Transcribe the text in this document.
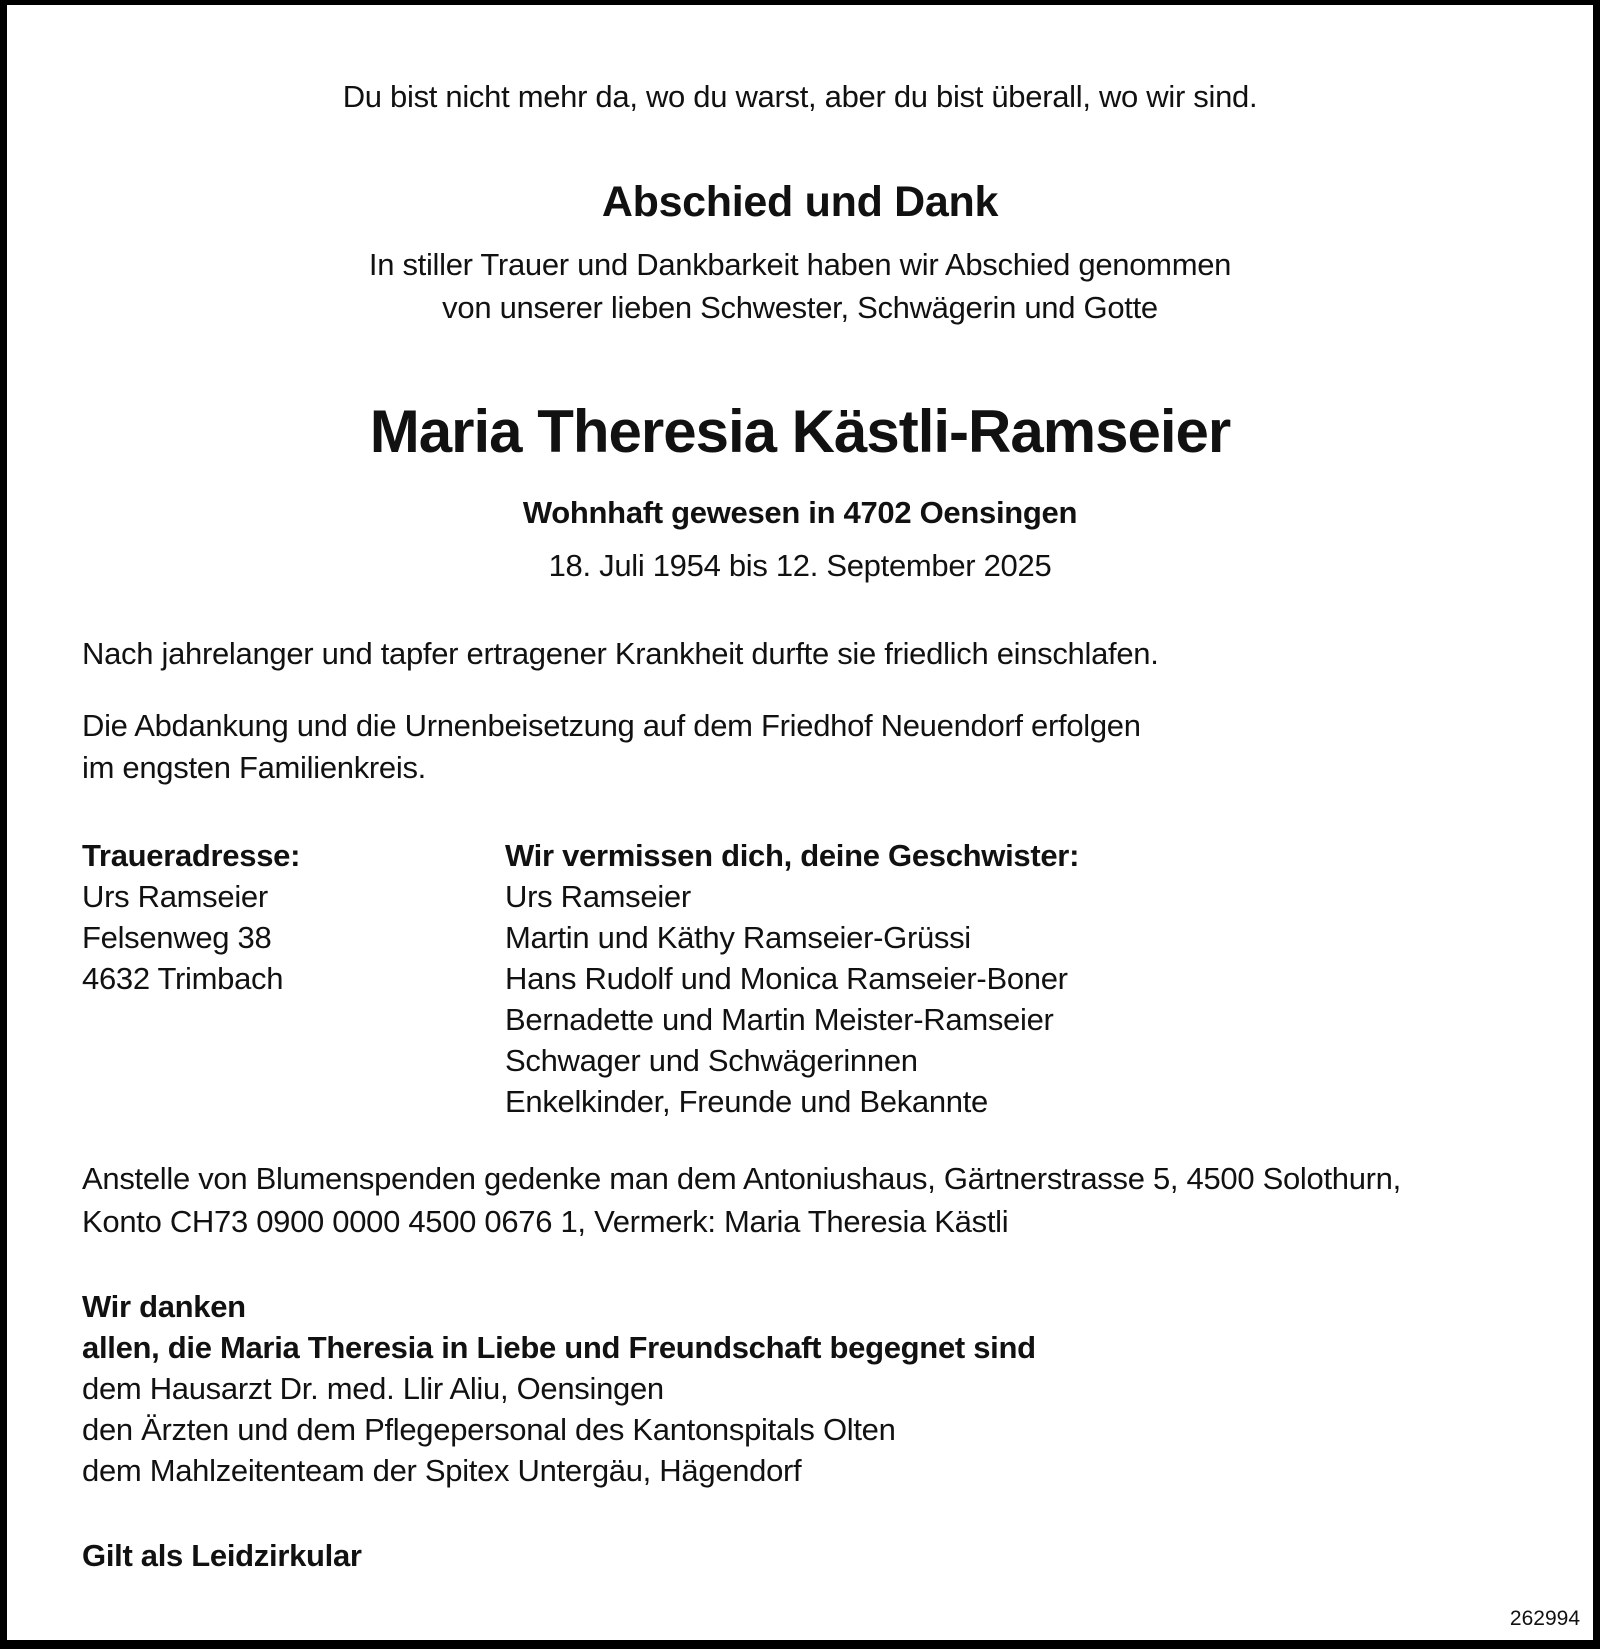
Du bist nicht mehr da, wo du warst, aber du bist überall, wo wir sind.
Abschied und Dank
In stiller Trauer und Dankbarkeit haben wir Abschied genommen
von unserer lieben Schwester, Schwägerin und Gotte
Maria Theresia Kästli-Ramseier
Wohnhaft gewesen in 4702 Oensingen
18. Juli 1954 bis 12. September 2025
Nach jahrelanger und tapfer ertragener Krankheit durfte sie friedlich einschlafen.
Die Abdankung und die Urnenbeisetzung auf dem Friedhof Neuendorf erfolgen
im engsten Familienkreis.
Traueradresse:
Urs Ramseier
Felsenweg 38
4632 Trimbach
Wir vermissen dich, deine Geschwister:
Urs Ramseier
Martin und Käthy Ramseier-Grüssi
Hans Rudolf und Monica Ramseier-Boner
Bernadette und Martin Meister-Ramseier
Schwager und Schwägerinnen
Enkelkinder, Freunde und Bekannte
Anstelle von Blumenspenden gedenke man dem Antoniushaus, Gärtnerstrasse 5, 4500 Solothurn,
Konto CH73 0900 0000 4500 0676 1, Vermerk: Maria Theresia Kästli
Wir danken
allen, die Maria Theresia in Liebe und Freundschaft begegnet sind
dem Hausarzt Dr. med. Llir Aliu, Oensingen
den Ärzten und dem Pflegepersonal des Kantonspitals Olten
dem Mahlzeitenteam der Spitex Untergäu, Hägendorf
Gilt als Leidzirkular
262994
